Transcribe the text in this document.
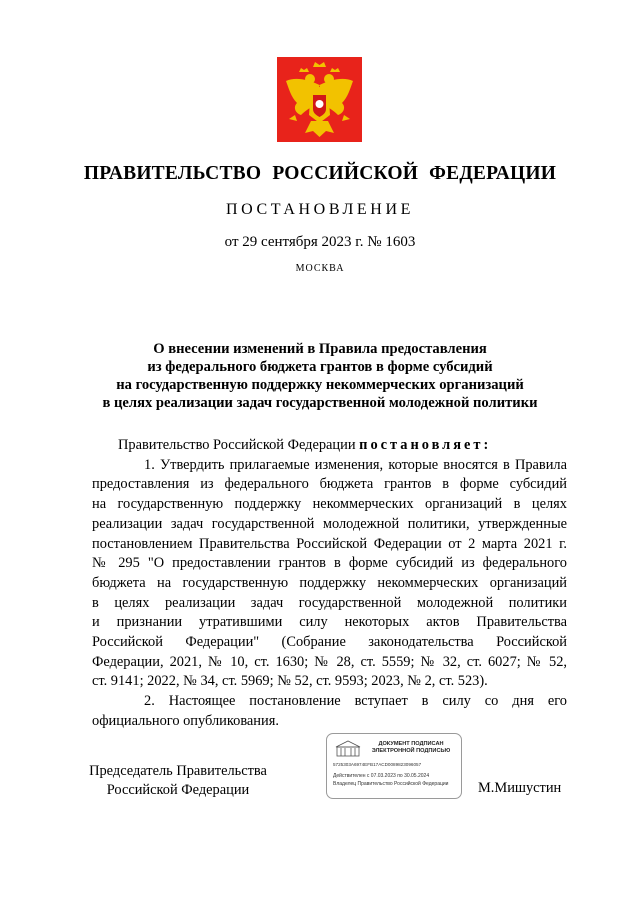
ПРАВИТЕЛЬСТВО РОССИЙСКОЙ ФЕДЕРАЦИИ
ПОСТАНОВЛЕНИЕ
от 29 сентября 2023 г. № 1603
МОСКВА
О внесении изменений в Правила предоставления
из федерального бюджета грантов в форме субсидий
на государственную поддержку некоммерческих организаций
в целях реализации задач государственной молодежной политики
Правительство Российской Федерации постановляет:
1. Утвердить прилагаемые изменения, которые вносятся в Правила
предоставления из федерального бюджета грантов в форме субсидий
на государственную поддержку некоммерческих организаций в целях
реализации задач государственной молодежной политики, утвержденные
постановлением Правительства Российской Федерации от 2 марта 2021 г.
№ 295 "О предоставлении грантов в форме субсидий из федерального
бюджета на государственную поддержку некоммерческих организаций
в целях реализации задач государственной молодежной политики
и признании утратившими силу некоторых актов Правительства
Российской Федерации" (Собрание законодательства Российской
Федерации, 2021, № 10, ст. 1630; № 28, ст. 5559; № 32, ст. 6027; № 52,
ст. 9141; 2022, № 34, ст. 5969; № 52, ст. 9593; 2023, № 2, ст. 523).
2. Настоящее постановление вступает в силу со дня его
официального опубликования.
Председатель Правительства
Российской Федерации
ДОКУМЕНТ ПОДПИСАН
ЭЛЕКТРОННОЙ ПОДПИСЬЮ
5725303A6974EFB17ACD0089823096057
Действителен с 07.03.2023 по 30.05.2024
Владелец Правительство Российской Федерации	М.Мишустин
